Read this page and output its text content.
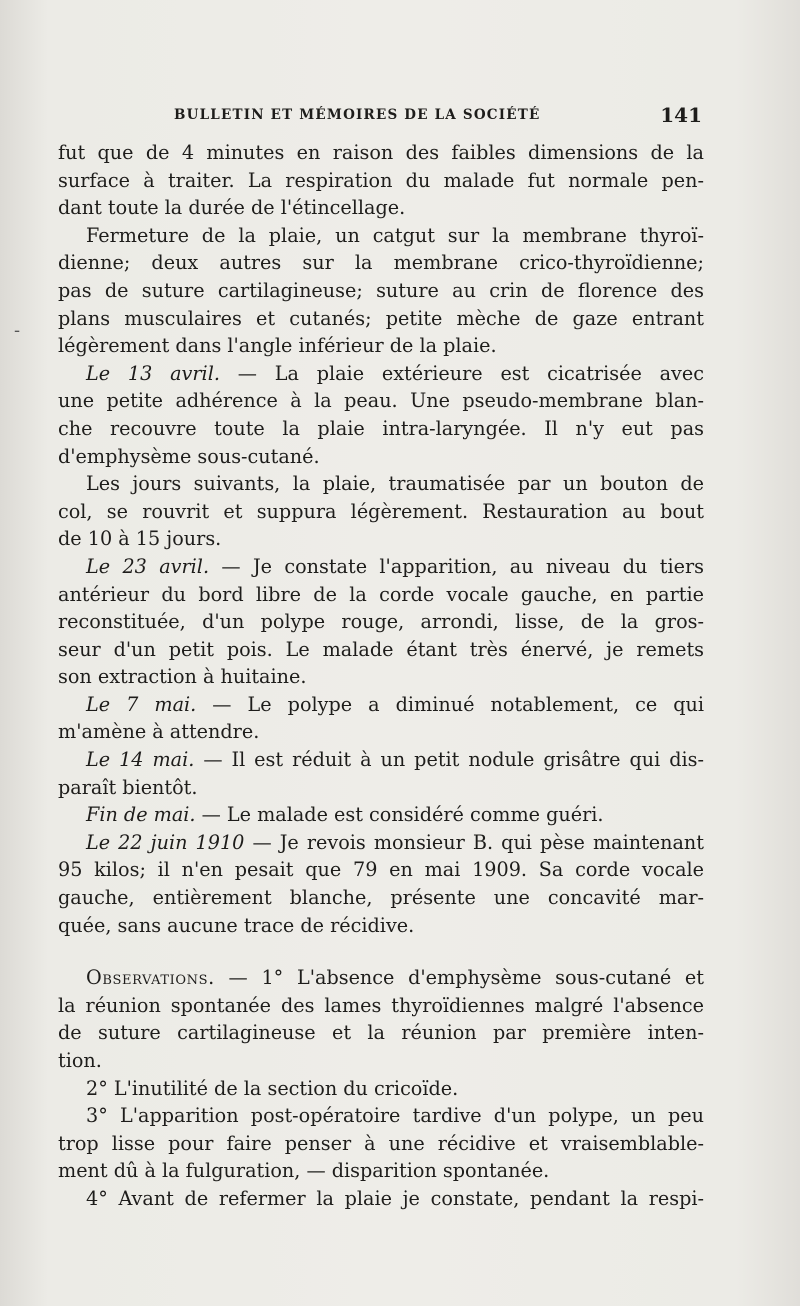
BULLETIN ET MÉMOIRES DE LA SOCIÉTÉ	141
-
fut que de 4 minutes en raison des faibles dimensions de la
surface à traiter. La respiration du malade fut normale pen-
dant toute la durée de l'étincellage.
Fermeture de la plaie, un catgut sur la membrane thyroï-
dienne; deux autres sur la membrane crico-thyroïdienne;
pas de suture cartilagineuse; suture au crin de florence des
plans musculaires et cutanés; petite mèche de gaze entrant
légèrement dans l'angle inférieur de la plaie.
Le 13 avril. — La plaie extérieure est cicatrisée avec
une petite adhérence à la peau. Une pseudo-membrane blan-
che recouvre toute la plaie intra-laryngée. Il n'y eut pas
d'emphysème sous-cutané.
Les jours suivants, la plaie, traumatisée par un bouton de
col, se rouvrit et suppura légèrement. Restauration au bout
de 10 à 15 jours.
Le 23 avril. — Je constate l'apparition, au niveau du tiers
antérieur du bord libre de la corde vocale gauche, en partie
reconstituée, d'un polype rouge, arrondi, lisse, de la gros-
seur d'un petit pois. Le malade étant très énervé, je remets
son extraction à huitaine.
Le 7 mai. — Le polype a diminué notablement, ce qui
m'amène à attendre.
Le 14 mai. — Il est réduit à un petit nodule grisâtre qui dis-
paraît bientôt.
Fin de mai. — Le malade est considéré comme guéri.
Le 22 juin 1910 — Je revois monsieur B. qui pèse maintenant
95 kilos; il n'en pesait que 79 en mai 1909. Sa corde vocale
gauche, entièrement blanche, présente une concavité mar-
quée, sans aucune trace de récidive.
Observations. — 1° L'absence d'emphysème sous-cutané et
la réunion spontanée des lames thyroïdiennes malgré l'absence
de suture cartilagineuse et la réunion par première inten-
tion.
2° L'inutilité de la section du cricoïde.
3° L'apparition post-opératoire tardive d'un polype, un peu
trop lisse pour faire penser à une récidive et vraisemblable-
ment dû à la fulguration, — disparition spontanée.
4° Avant de refermer la plaie je constate, pendant la respi-
